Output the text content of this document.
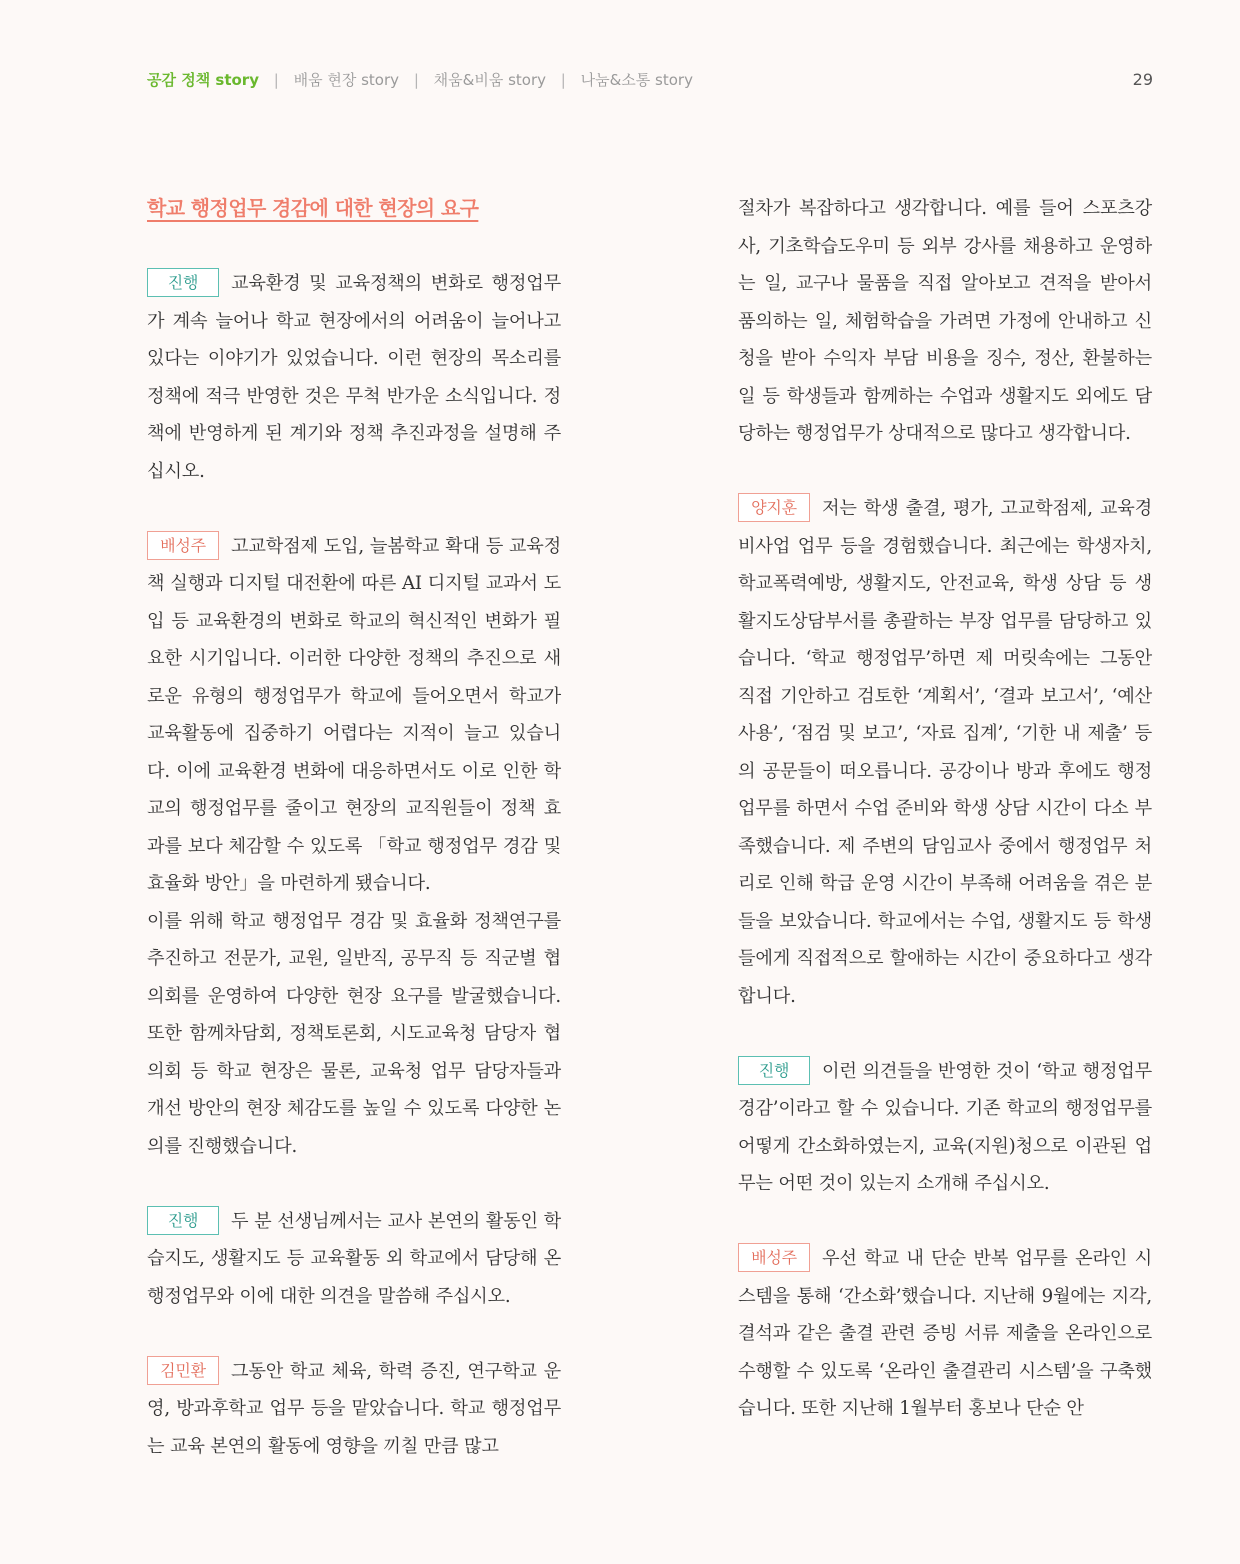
공감 정책 story | 배움 현장 story | 채움&비움 story | 나눔&소통 story	29
학교 행정업무 경감에 대한 현장의 요구
진행 교육환경 및 교육정책의 변화로 행정업무가 계속 늘어나 학교 현장에서의 어려움이 늘어나고 있다는 이야기가 있었습니다. 이런 현장의 목소리를 정책에 적극 반영한 것은 무척 반가운 소식입니다. 정책에 반영하게 된 계기와 정책 추진과정을 설명해 주십시오.
배성주 고교학점제 도입, 늘봄학교 확대 등 교육정책 실행과 디지털 대전환에 따른 AI 디지털 교과서 도입 등 교육환경의 변화로 학교의 혁신적인 변화가 필요한 시기입니다. 이러한 다양한 정책의 추진으로 새로운 유형의 행정업무가 학교에 들어오면서 학교가 교육활동에 집중하기 어렵다는 지적이 늘고 있습니다. 이에 교육환경 변화에 대응하면서도 이로 인한 학교의 행정업무를 줄이고 현장의 교직원들이 정책 효과를 보다 체감할 수 있도록 「학교 행정업무 경감 및 효율화 방안」을 마련하게 됐습니다.
이를 위해 학교 행정업무 경감 및 효율화 정책연구를 추진하고 전문가, 교원, 일반직, 공무직 등 직군별 협의회를 운영하여 다양한 현장 요구를 발굴했습니다. 또한 함께차담회, 정책토론회, 시도교육청 담당자 협의회 등 학교 현장은 물론, 교육청 업무 담당자들과 개선 방안의 현장 체감도를 높일 수 있도록 다양한 논의를 진행했습니다.
진행 두 분 선생님께서는 교사 본연의 활동인 학습지도, 생활지도 등 교육활동 외 학교에서 담당해 온 행정업무와 이에 대한 의견을 말씀해 주십시오.
김민환 그동안 학교 체육, 학력 증진, 연구학교 운영, 방과후학교 업무 등을 맡았습니다. 학교 행정업무는 교육 본연의 활동에 영향을 끼칠 만큼 많고
절차가 복잡하다고 생각합니다. 예를 들어 스포츠강사, 기초학습도우미 등 외부 강사를 채용하고 운영하는 일, 교구나 물품을 직접 알아보고 견적을 받아서 품의하는 일, 체험학습을 가려면 가정에 안내하고 신청을 받아 수익자 부담 비용을 징수, 정산, 환불하는 일 등 학생들과 함께하는 수업과 생활지도 외에도 담당하는 행정업무가 상대적으로 많다고 생각합니다.
양지훈 저는 학생 출결, 평가, 고교학점제, 교육경비사업 업무 등을 경험했습니다. 최근에는 학생자치, 학교폭력예방, 생활지도, 안전교육, 학생 상담 등 생활지도상담부서를 총괄하는 부장 업무를 담당하고 있습니다. ‘학교 행정업무’하면 제 머릿속에는 그동안 직접 기안하고 검토한 ‘계획서’, ‘결과 보고서’, ‘예산 사용’, ‘점검 및 보고’, ‘자료 집계’, ‘기한 내 제출’ 등의 공문들이 떠오릅니다. 공강이나 방과 후에도 행정업무를 하면서 수업 준비와 학생 상담 시간이 다소 부족했습니다. 제 주변의 담임교사 중에서 행정업무 처리로 인해 학급 운영 시간이 부족해 어려움을 겪은 분들을 보았습니다. 학교에서는 수업, 생활지도 등 학생들에게 직접적으로 할애하는 시간이 중요하다고 생각합니다.
진행 이런 의견들을 반영한 것이 ‘학교 행정업무 경감’이라고 할 수 있습니다. 기존 학교의 행정업무를 어떻게 간소화하였는지, 교육(지원)청으로 이관된 업무는 어떤 것이 있는지 소개해 주십시오.
배성주 우선 학교 내 단순 반복 업무를 온라인 시스템을 통해 ‘간소화’했습니다. 지난해 9월에는 지각, 결석과 같은 출결 관련 증빙 서류 제출을 온라인으로 수행할 수 있도록 ‘온라인 출결관리 시스템’을 구축했습니다. 또한 지난해 1월부터 홍보나 단순 안
